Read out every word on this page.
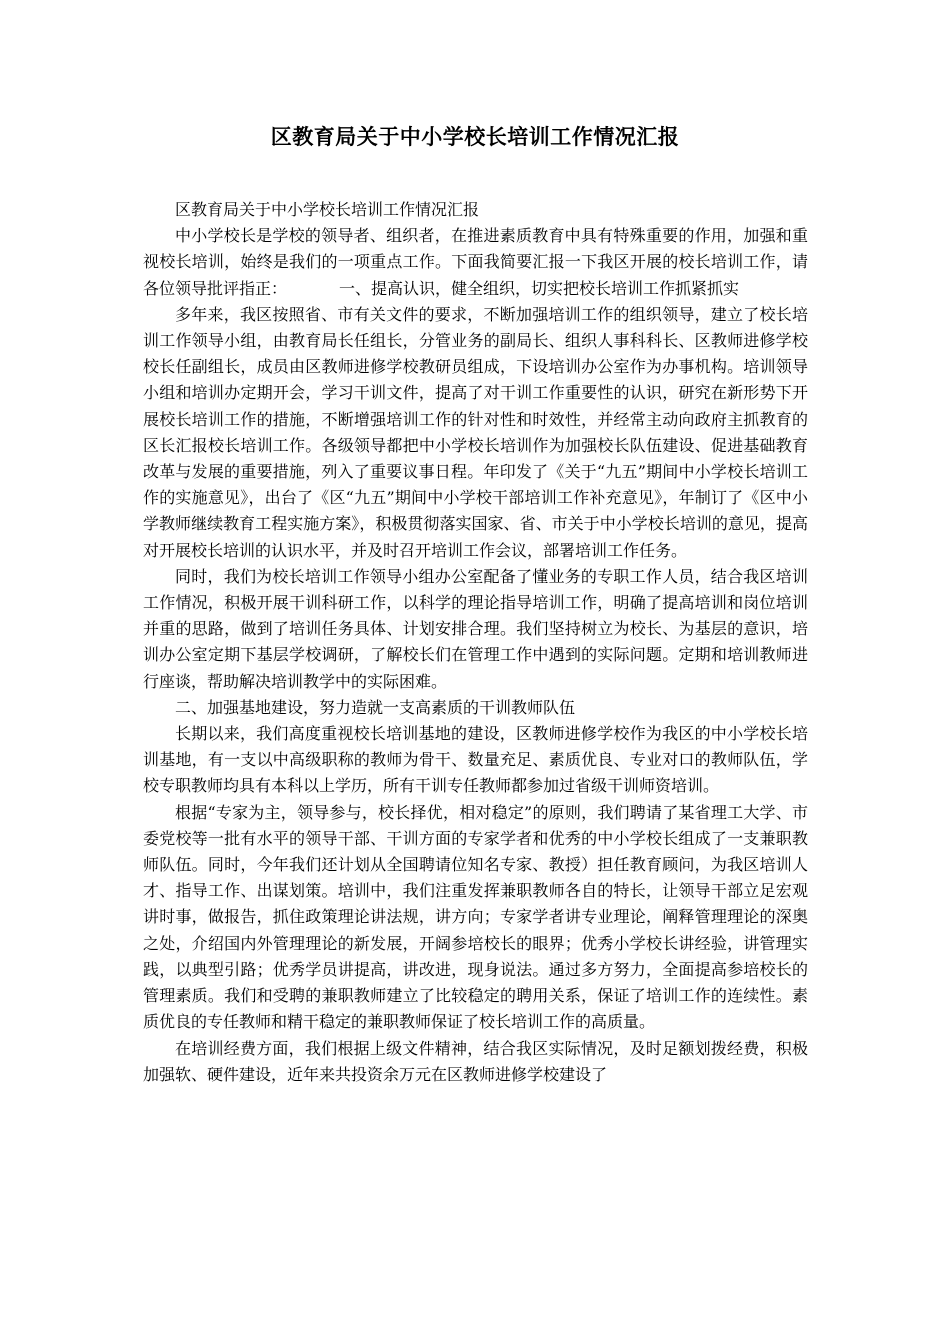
区教育局关于中小学校长培训工作情况汇报

区教育局关于中小学校长培训工作情况汇报

中小学校长是学校的领导者、组织者，在推进素质教育中具有特殊重要的作用，加强和重视校长培训，始终是我们的一项重点工作。下面我简要汇报一下我区开展的校长培训工作，请各位领导批评指正：	一、提高认识，健全组织，切实把校长培训工作抓紧抓实

多年来，我区按照省、市有关文件的要求，不断加强培训工作的组织领导，建立了校长培训工作领导小组，由教育局长任组长，分管业务的副局长、组织人事科科长、区教师进修学校校长任副组长，成员由区教师进修学校教研员组成，下设培训办公室作为办事机构。培训领导小组和培训办定期开会，学习干训文件，提高了对干训工作重要性的认识，研究在新形势下开展校长培训工作的措施，不断增强培训工作的针对性和时效性，并经常主动向政府主抓教育的区长汇报校长培训工作。各级领导都把中小学校长培训作为加强校长队伍建设、促进基础教育改革与发展的重要措施，列入了重要议事日程。年印发了《关于“九五”期间中小学校长培训工作的实施意见》，出台了《区“九五”期间中小学校干部培训工作补充意见》，年制订了《区中小学教师继续教育工程实施方案》，积极贯彻落实国家、省、市关于中小学校长培训的意见，提高对开展校长培训的认识水平，并及时召开培训工作会议，部署培训工作任务。

同时，我们为校长培训工作领导小组办公室配备了懂业务的专职工作人员，结合我区培训工作情况，积极开展干训科研工作，以科学的理论指导培训工作，明确了提高培训和岗位培训并重的思路，做到了培训任务具体、计划安排合理。我们坚持树立为校长、为基层的意识，培训办公室定期下基层学校调研，了解校长们在管理工作中遇到的实际问题。定期和培训教师进行座谈，帮助解决培训教学中的实际困难。

二、加强基地建设，努力造就一支高素质的干训教师队伍

长期以来，我们高度重视校长培训基地的建设，区教师进修学校作为我区的中小学校长培训基地，有一支以中高级职称的教师为骨干、数量充足、素质优良、专业对口的教师队伍，学校专职教师均具有本科以上学历，所有干训专任教师都参加过省级干训师资培训。

根据“专家为主，领导参与，校长择优，相对稳定”的原则，我们聘请了某省理工大学、市委党校等一批有水平的领导干部、干训方面的专家学者和优秀的中小学校长组成了一支兼职教师队伍。同时，今年我们还计划从全国聘请位知名专家、教授）担任教育顾问，为我区培训人才、指导工作、出谋划策。培训中，我们注重发挥兼职教师各自的特长，让领导干部立足宏观讲时事，做报告，抓住政策理论讲法规，讲方向；专家学者讲专业理论，阐释管理理论的深奥之处，介绍国内外管理理论的新发展，开阔参培校长的眼界；优秀小学校长讲经验，讲管理实践，以典型引路；优秀学员讲提高，讲改进，现身说法。通过多方努力，全面提高参培校长的管理素质。我们和受聘的兼职教师建立了比较稳定的聘用关系，保证了培训工作的连续性。素质优良的专任教师和精干稳定的兼职教师保证了校长培训工作的高质量。

在培训经费方面，我们根据上级文件精神，结合我区实际情况，及时足额划拨经费，积极加强软、硬件建设，近年来共投资余万元在区教师进修学校建设了
